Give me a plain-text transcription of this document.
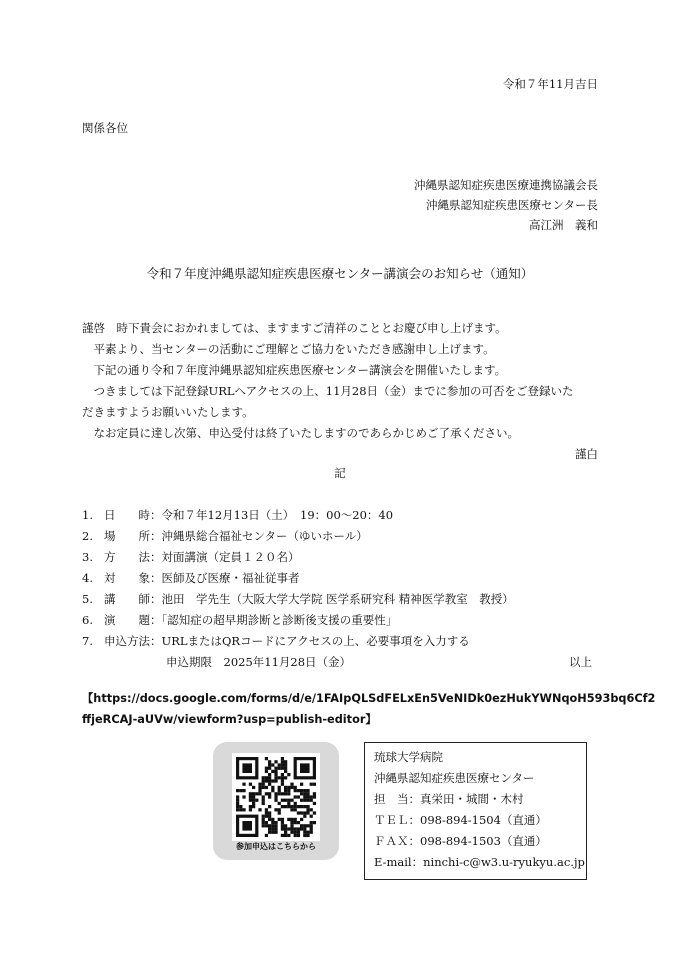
令和７年11月吉日
関係各位
沖縄県認知症疾患医療連携協議会長
沖縄県認知症疾患医療センター長
高江洲　義和
令和７年度沖縄県認知症疾患医療センター講演会のお知らせ（通知）
謹啓　時下貴会におかれましては、ますますご清祥のこととお慶び申し上げます。
　平素より、当センターの活動にご理解とご協力をいただき感謝申し上げます。
　下記の通り令和７年度沖縄県認知症疾患医療センター講演会を開催いたします。
　つきましては下記登録URLへアクセスの上、11月28日（金）までに参加の可否をご登録いた
だきますようお願いいたします。
　なお定員に達し次第、申込受付は終了いたしますのであらかじめご了承ください。
謹白
記
1. 日　　時：令和７年12月13日（土）　19：00～20：40
2. 場　　所：沖縄県総合福祉センター（ゆいホール）
3. 方　　法：対面講演（定員１２０名）
4. 対　　象：医師及び医療・福祉従事者
5. 講　　師：池田　学先生（大阪大学大学院 医学系研究科 精神医学教室　教授）
6. 演　　題：「認知症の超早期診断と診断後支援の重要性」
7. 申込方法：URLまたはQRコードにアクセスの上、必要事項を入力する
申込期限　2025年11月28日（金）	以上
【https://docs.google.com/forms/d/e/1FAIpQLSdFELxEn5VeNIDk0ezHukYWNqoH593bq6Cf2
ffjeRCAJ-aUVw/viewform?usp=publish-editor】
参加申込はこちらから
琉球大学病院
沖縄県認知症疾患医療センター
担　当：真栄田・城間・木村
ＴＥＬ：098-894-1504（直通）
ＦＡＸ：098-894-1503（直通）
E-mail：ninchi-c@w3.u-ryukyu.ac.jp
